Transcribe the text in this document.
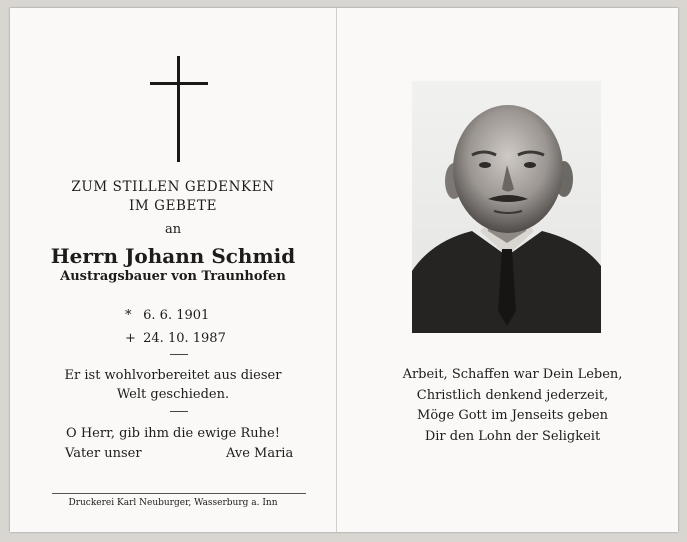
ZUM STILLEN GEDENKEN
IM GEBETE
an
Herrn Johann Schmid
Austragsbauer von Traunhofen
* 6. 6. 1901
+ 24. 10. 1987
Er ist wohlvorbereitet aus dieser
Welt geschieden.
O Herr, gib ihm die ewige Ruhe!
Vater unser	Ave Maria
Druckerei Karl Neuburger, Wasserburg a. Inn
Arbeit, Schaffen war Dein Leben,
Christlich denkend jederzeit,
Möge Gott im Jenseits geben
Dir den Lohn der Seligkeit
